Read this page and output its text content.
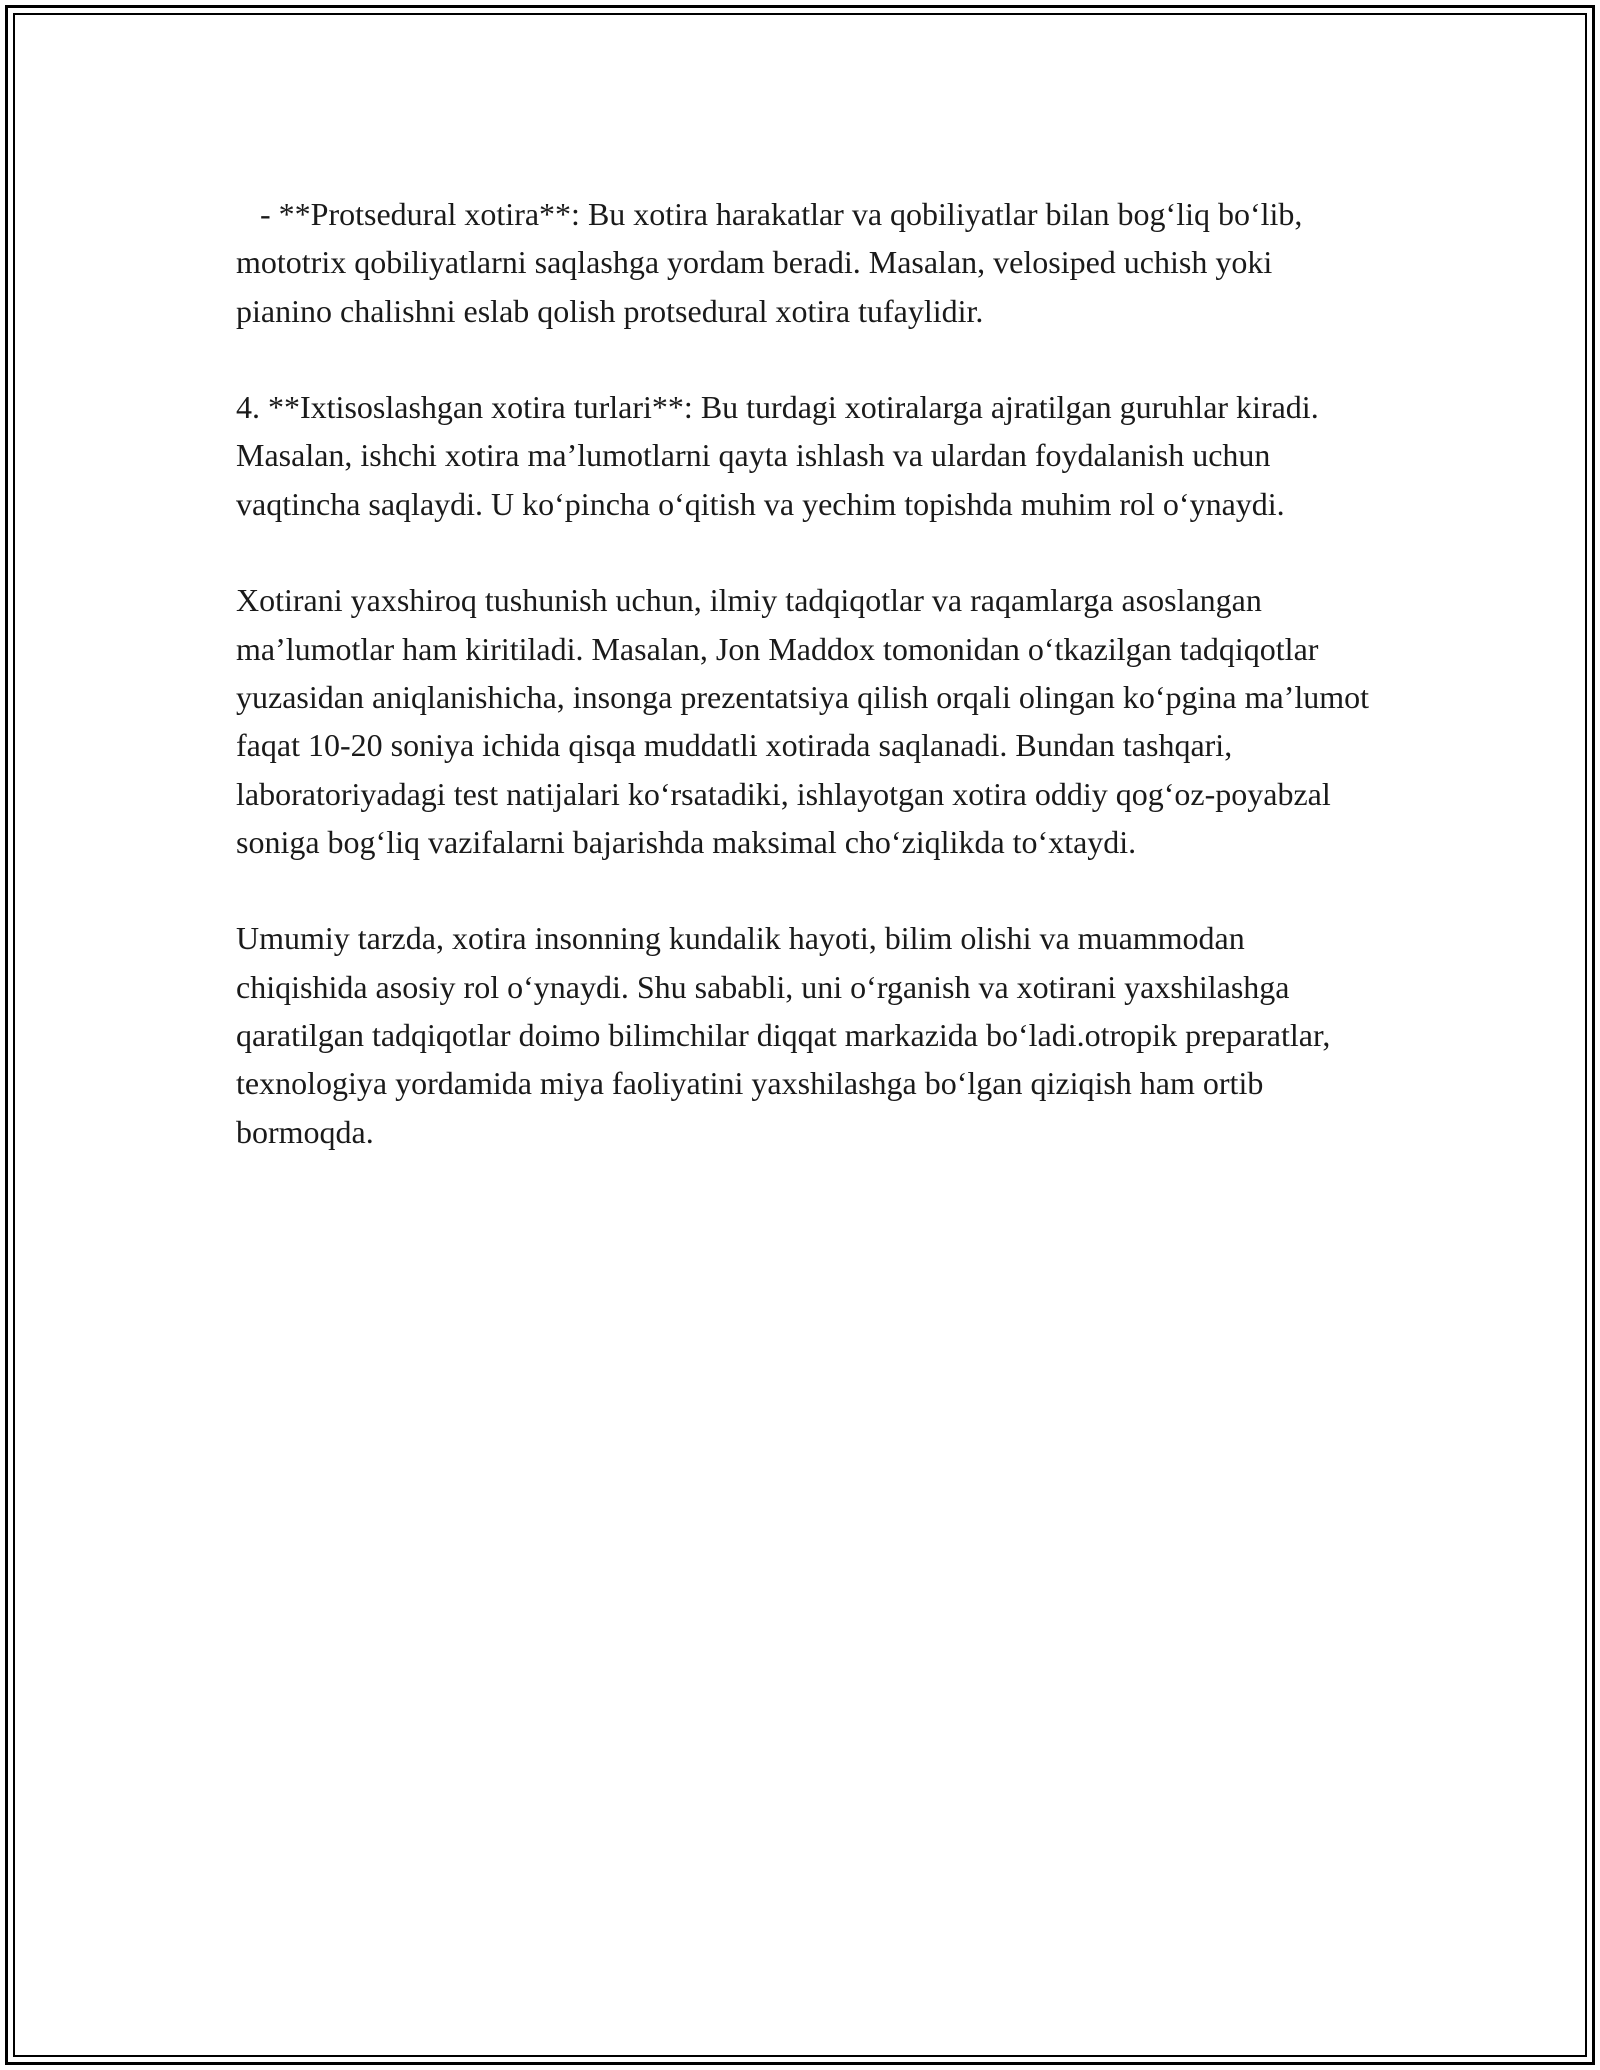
- **Protsedural xotira**: Bu xotira harakatlar va qobiliyatlar bilan bog‘liq bo‘lib, mototrix qobiliyatlarni saqlashga yordam beradi. Masalan, velosiped uchish yoki pianino chalishni eslab qolish protsedural xotira tufaylidir.

4. **Ixtisoslashgan xotira turlari**: Bu turdagi xotiralarga ajratilgan guruhlar kiradi. Masalan, ishchi xotira ma’lumotlarni qayta ishlash va ulardan foydalanish uchun vaqtincha saqlaydi. U ko‘pincha o‘qitish va yechim topishda muhim rol o‘ynaydi.

Xotirani yaxshiroq tushunish uchun, ilmiy tadqiqotlar va raqamlarga asoslangan ma’lumotlar ham kiritiladi. Masalan, Jon Maddox tomonidan o‘tkazilgan tadqiqotlar yuzasidan aniqlanishicha, insonga prezentatsiya qilish orqali olingan ko‘pgina ma’lumot faqat 10-20 soniya ichida qisqa muddatli xotirada saqlanadi. Bundan tashqari, laboratoriyadagi test natijalari ko‘rsatadiki, ishlayotgan xotira oddiy qog‘oz-poyabzal soniga bog‘liq vazifalarni bajarishda maksimal cho‘ziqlikda to‘xtaydi.

Umumiy tarzda, xotira insonning kundalik hayoti, bilim olishi va muammodan chiqishida asosiy rol o‘ynaydi. Shu sababli, uni o‘rganish va xotirani yaxshilashga qaratilgan tadqiqotlar doimo bilimchilar diqqat markazida bo‘ladi.otropik preparatlar, texnologiya yordamida miya faoliyatini yaxshilashga bo‘lgan qiziqish ham ortib bormoqda.
